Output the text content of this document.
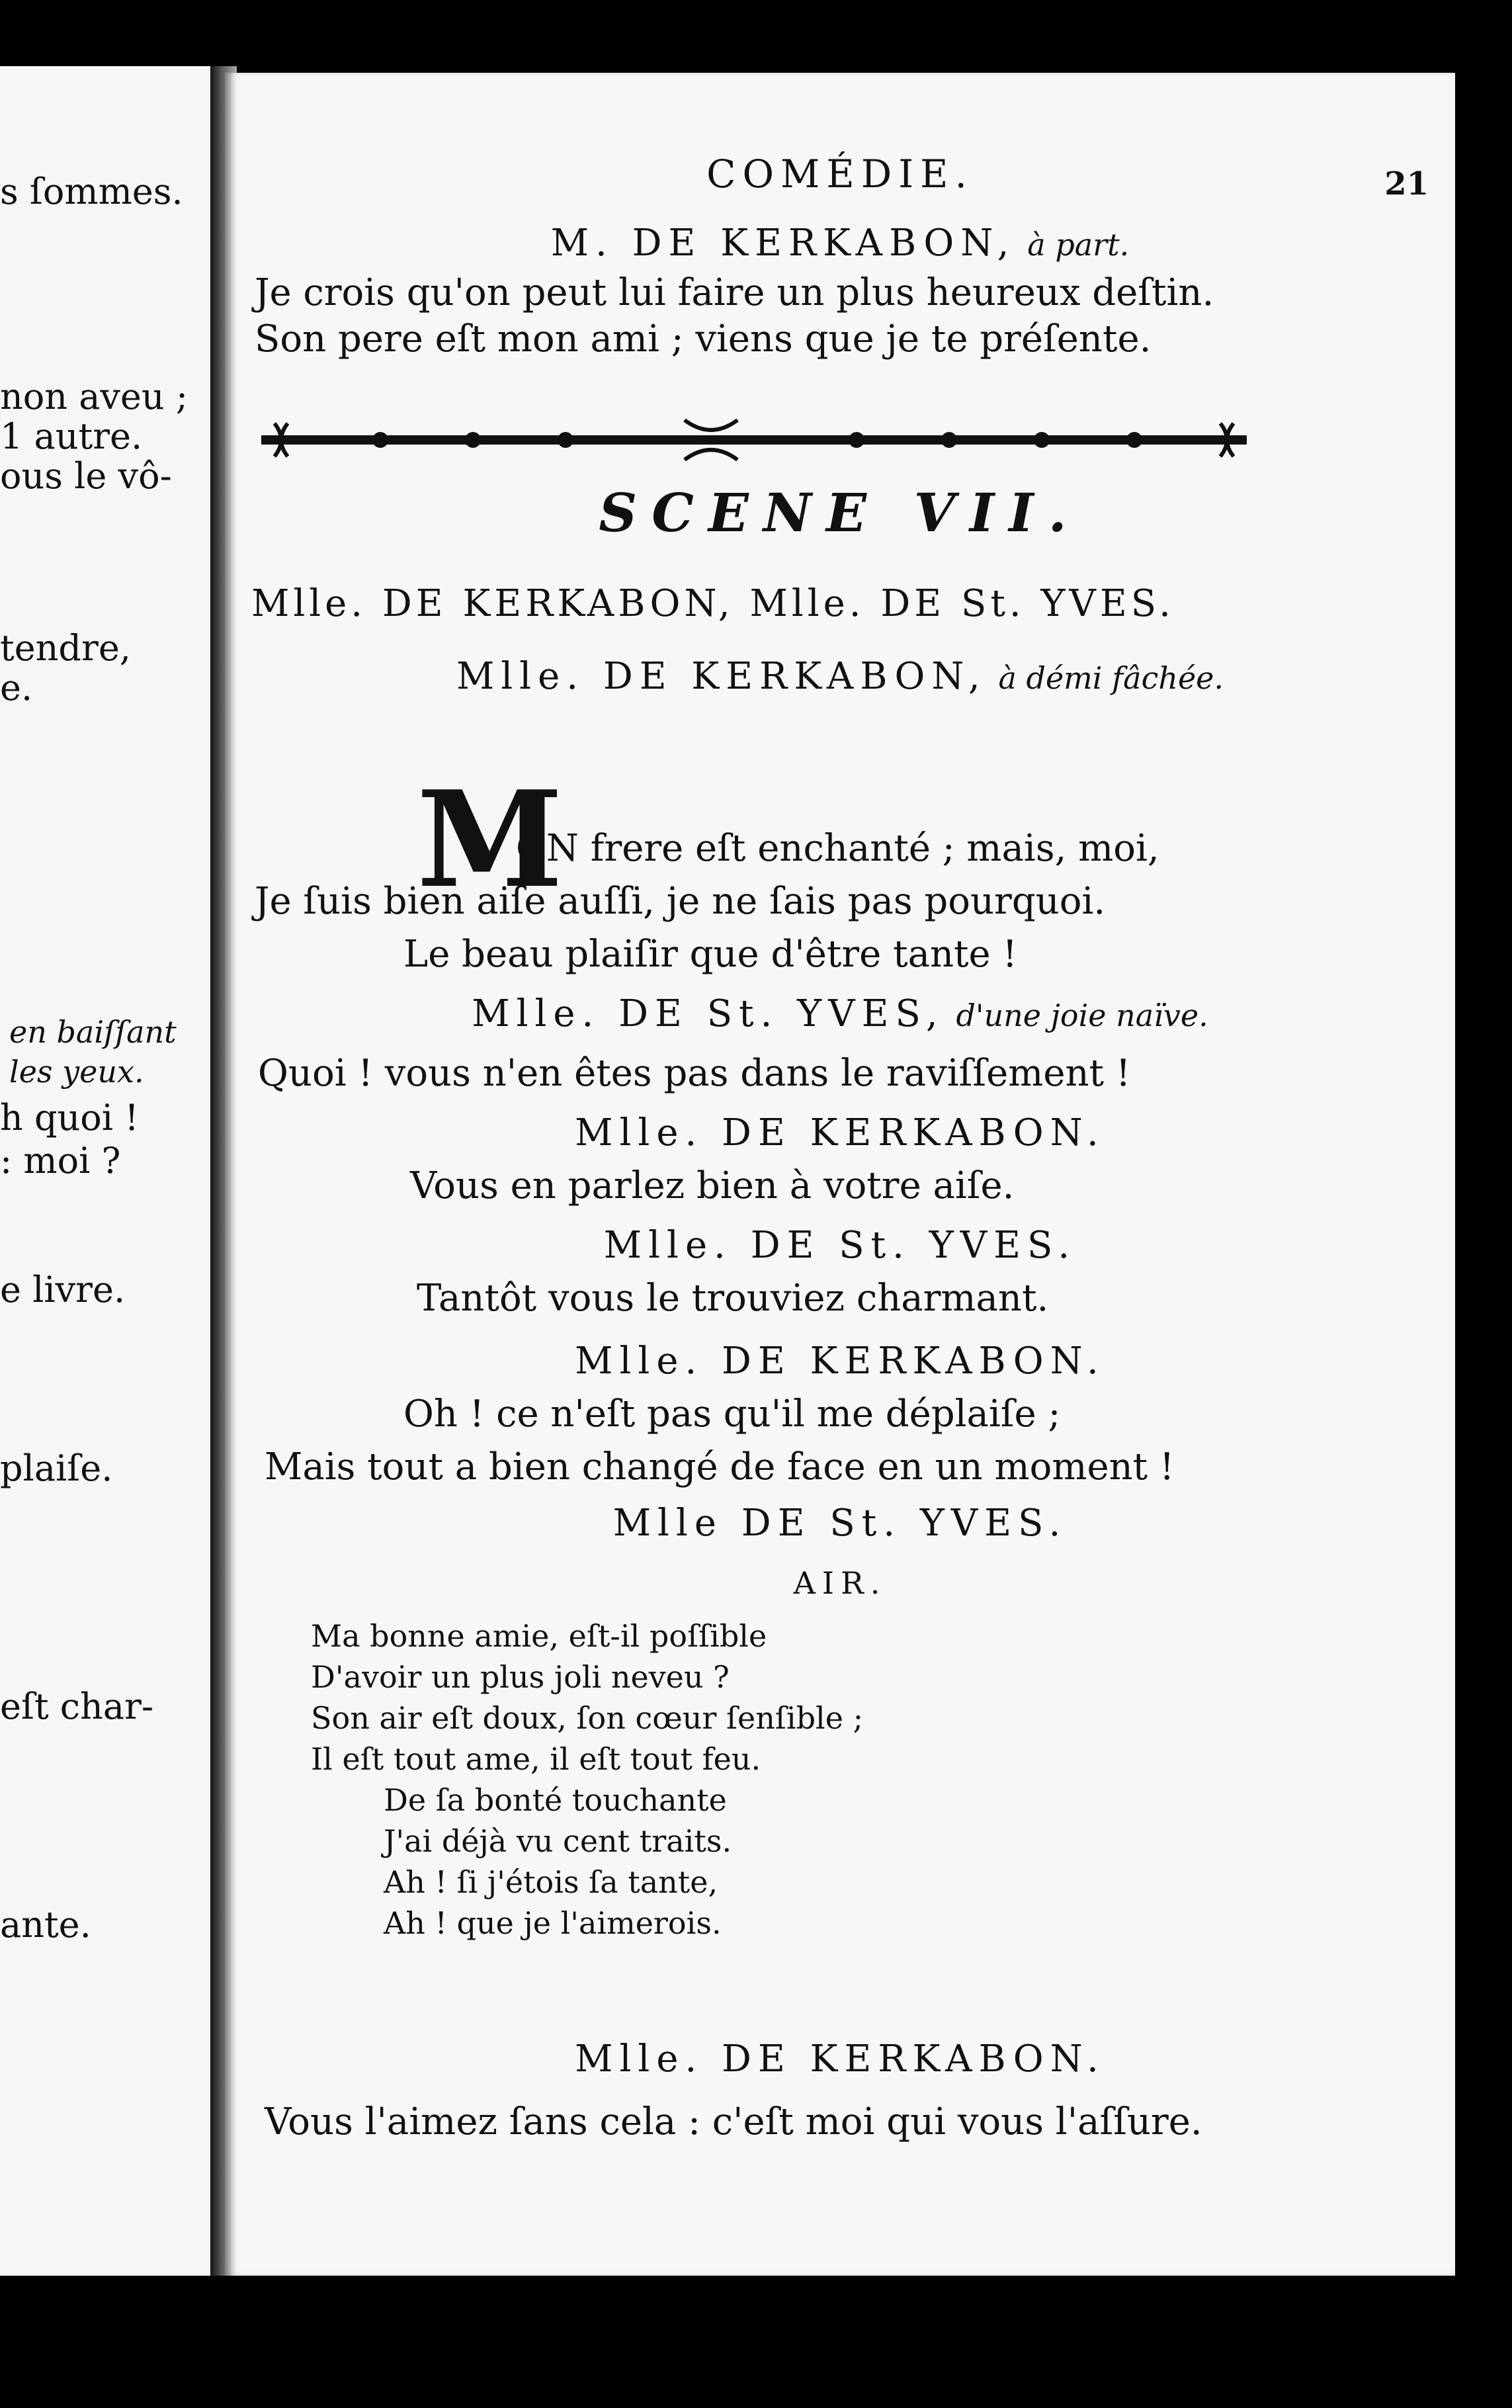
s ſommes.
non aveu ;
1 autre.
ous le vô-
tendre,
e.
en baiſſant
les yeux.
h quoi !
: moi ?
e livre.
plaiſe.
eſt char-
ante.
COMÉDIE.	21
M. DE KERKABON, à part.
Je crois qu'on peut lui faire un plus heureux deſtin.
Son pere eſt mon ami ; viens que je te préſente.
SCENE VII.
Mlle. DE KERKABON, Mlle. DE St. YVES.
Mlle. DE KERKABON, à démi fâchée.
M
ON frere eſt enchanté ; mais, moi,
Je ſuis bien aiſe auſſi, je ne ſais pas pourquoi.
Le beau plaiſir que d'être tante !
Mlle. DE St. YVES, d'une joie naïve.
Quoi ! vous n'en êtes pas dans le raviſſement !
Mlle. DE KERKABON.
Vous en parlez bien à votre aiſe.
Mlle. DE St. YVES.
Tantôt vous le trouviez charmant.
Mlle. DE KERKABON.
Oh ! ce n'eſt pas qu'il me déplaiſe ;
Mais tout a bien changé de face en un moment !
Mlle DE St. YVES.
AIR.
Ma bonne amie, eſt-il poſſible
D'avoir un plus joli neveu ?
Son air eſt doux, ſon cœur ſenſible ;
Il eſt tout ame, il eſt tout feu.
De ſa bonté touchante
J'ai déjà vu cent traits.
Ah ! ſi j'étois ſa tante,
Ah ! que je l'aimerois.
Mlle. DE KERKABON.
Vous l'aimez ſans cela : c'eſt moi qui vous l'aſſure.
